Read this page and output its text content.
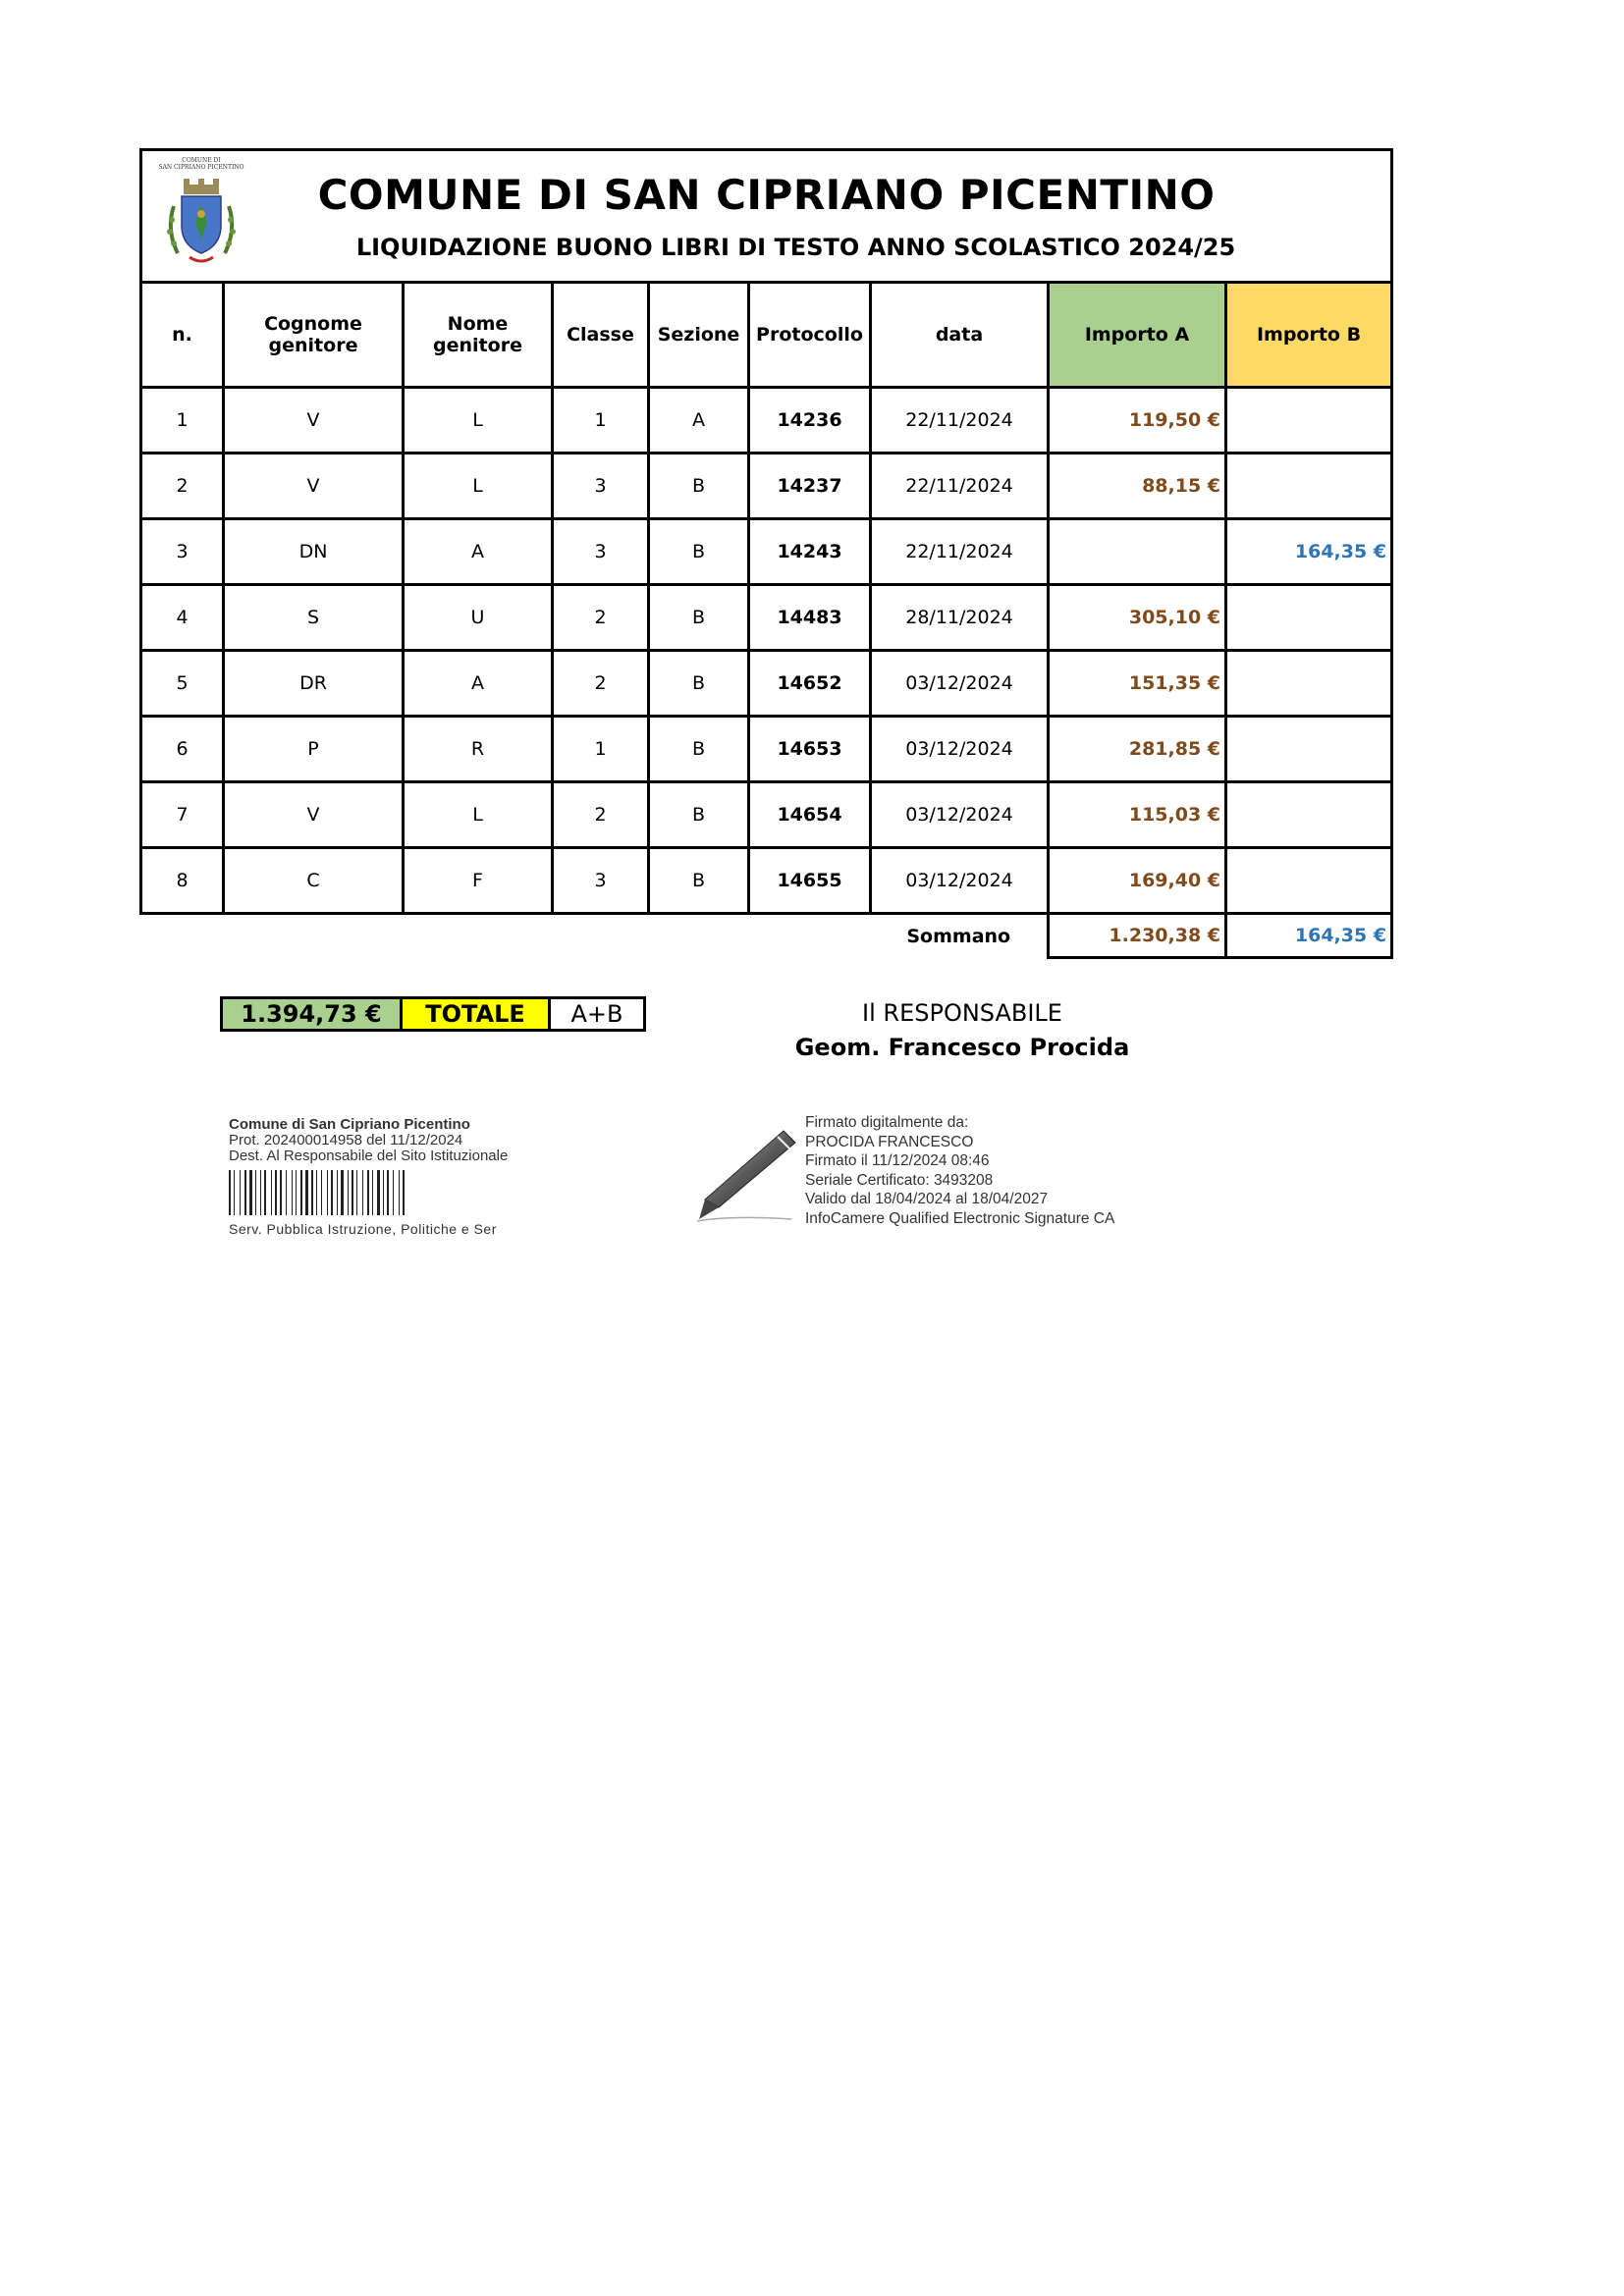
COMUNE DI
SAN CIPRIANO PICENTINO
COMUNE DI SAN CIPRIANO PICENTINO
LIQUIDAZIONE BUONO LIBRI DI TESTO ANNO SCOLASTICO 2024/25								

n.	Cognome genitore	Nome genitore	Classe	Sezione	Protocollo	data	Importo A	Importo B
1	V	L	1	A	14236	22/11/2024	119,50 €	
2	V	L	3	B	14237	22/11/2024	88,15 €	
3	DN	A	3	B	14243	22/11/2024		164,35 €
4	S	U	2	B	14483	28/11/2024	305,10 €	
5	DR	A	2	B	14652	03/12/2024	151,35 €	
6	P	R	1	B	14653	03/12/2024	281,85 €	
7	V	L	2	B	14654	03/12/2024	115,03 €	
8	C	F	3	B	14655	03/12/2024	169,40 €	
						Sommano	1.230,38 €	164,35 €
1.394,73 €	TOTALE	A+B	Il RESPONSABILE
Geom. Francesco Procida
Comune di San Cipriano Picentino
Prot. 202400014958 del 11/12/2024
Dest. Al Responsabile del Sito Istituzionale
Serv. Pubblica Istruzione, Politiche e Ser
Firmato digitalmente da:
PROCIDA FRANCESCO
Firmato il 11/12/2024 08:46
Seriale Certificato: 3493208
Valido dal 18/04/2024 al 18/04/2027
InfoCamere Qualified Electronic Signature CA
